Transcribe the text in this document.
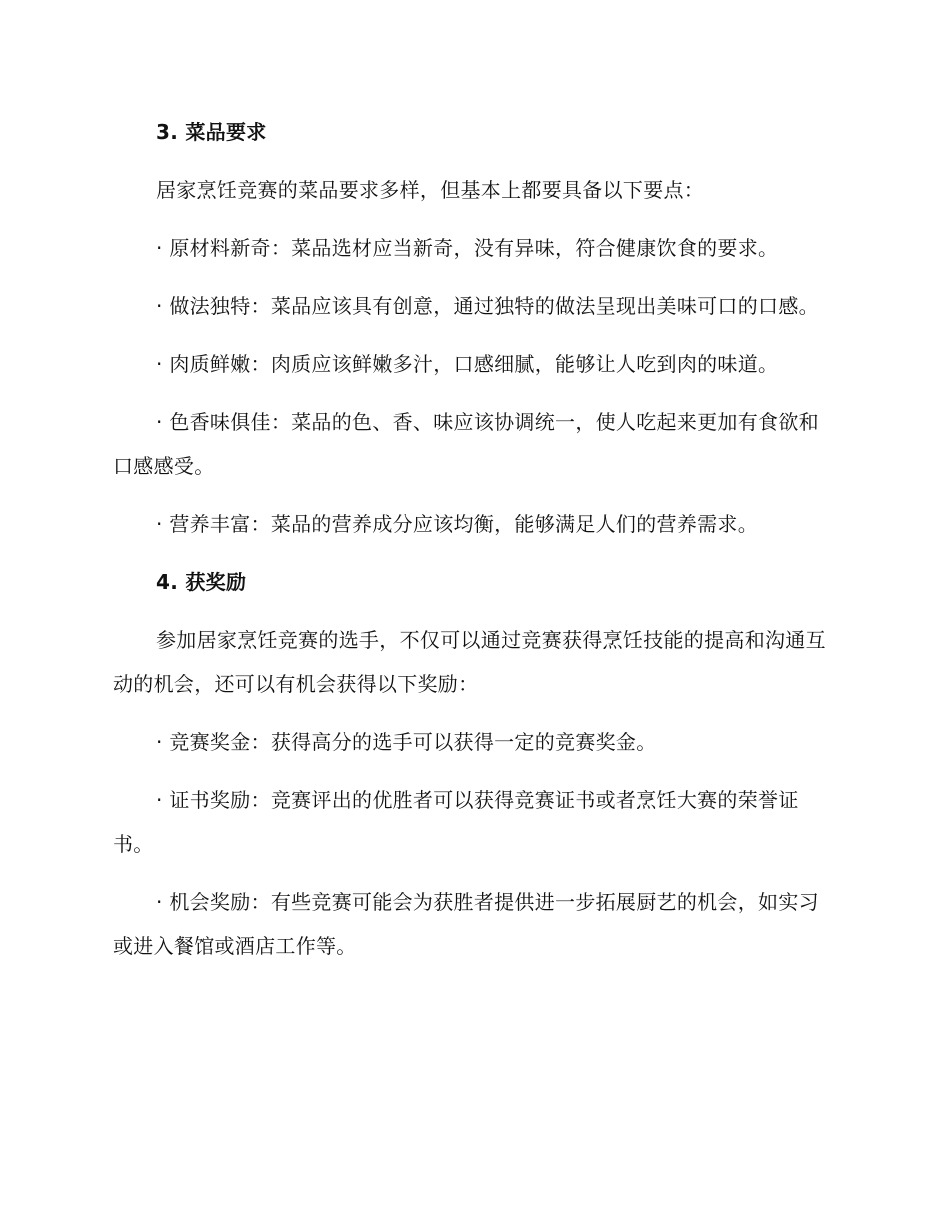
3. 菜品要求

居家烹饪竞赛的菜品要求多样，但基本上都要具备以下要点：

· 原材料新奇：菜品选材应当新奇，没有异味，符合健康饮食的要求。

· 做法独特：菜品应该具有创意，通过独特的做法呈现出美味可口的口感。

· 肉质鲜嫩：肉质应该鲜嫩多汁，口感细腻，能够让人吃到肉的味道。

· 色香味俱佳：菜品的色、香、味应该协调统一，使人吃起来更加有食欲和口感感受。

· 营养丰富：菜品的营养成分应该均衡，能够满足人们的营养需求。

4. 获奖励

参加居家烹饪竞赛的选手，不仅可以通过竞赛获得烹饪技能的提高和沟通互动的机会，还可以有机会获得以下奖励：

· 竞赛奖金：获得高分的选手可以获得一定的竞赛奖金。

· 证书奖励：竞赛评出的优胜者可以获得竞赛证书或者烹饪大赛的荣誉证书。

· 机会奖励：有些竞赛可能会为获胜者提供进一步拓展厨艺的机会，如实习或进入餐馆或酒店工作等。
